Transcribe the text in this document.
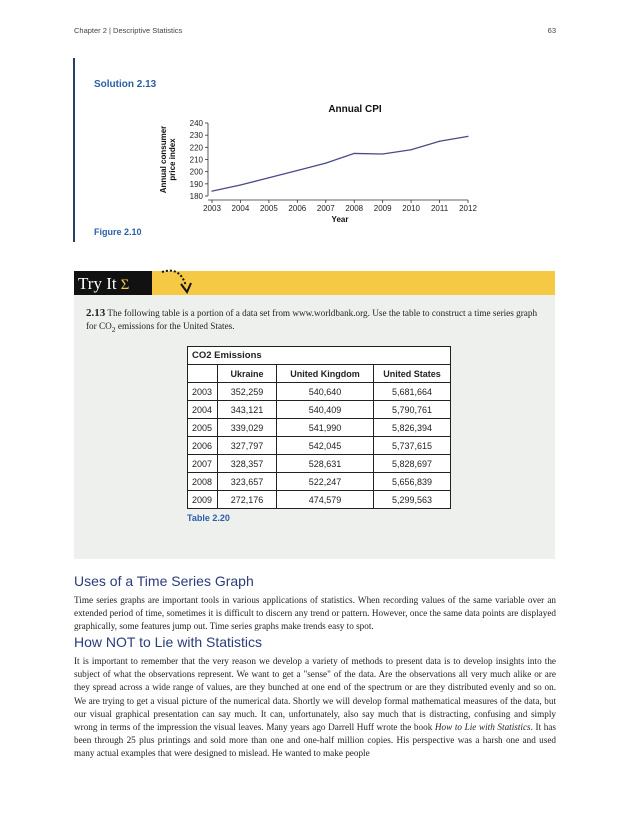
Chapter 2 | Descriptive Statistics	63
Solution 2.13
Annual CPI
180
190
200
210
220
230
240
2003 2004 2005 2006 2007 2008 2009 2010 2011 2012
Year
Annual consumer price index
Figure 2.10
Try It Σ
2.13 The following table is a portion of a data set from www.worldbank.org. Use the table to construct a time series graph for $CO_2$ emissions for the United States.
CO2 Emissions			
	Ukraine	United Kingdom	United States
2003	352,259	540,640	5,681,664
2004	343,121	540,409	5,790,761
2005	339,029	541,990	5,826,394
2006	327,797	542,045	5,737,615
2007	328,357	528,631	5,828,697
2008	323,657	522,247	5,656,839
2009	272,176	474,579	5,299,563
Table 2.20
Uses of a Time Series Graph

Time series graphs are important tools in various applications of statistics. When recording values of the same variable over an extended period of time, sometimes it is difficult to discern any trend or pattern. However, once the same data points are displayed graphically, some features jump out. Time series graphs make trends easy to spot.

How NOT to Lie with Statistics

It is important to remember that the very reason we develop a variety of methods to present data is to develop insights into the subject of what the observations represent. We want to get a "sense" of the data. Are the observations all very much alike or are they spread across a wide range of values, are they bunched at one end of the spectrum or are they distributed evenly and so on. We are trying to get a visual picture of the numerical data. Shortly we will develop formal mathematical measures of the data, but our visual graphical presentation can say much. It can, unfortunately, also say much that is distracting, confusing and simply wrong in terms of the impression the visual leaves. Many years ago Darrell Huff wrote the book How to Lie with Statistics. It has been through 25 plus printings and sold more than one and one-half million copies. His perspective was a harsh one and used many actual examples that were designed to mislead. He wanted to make people
